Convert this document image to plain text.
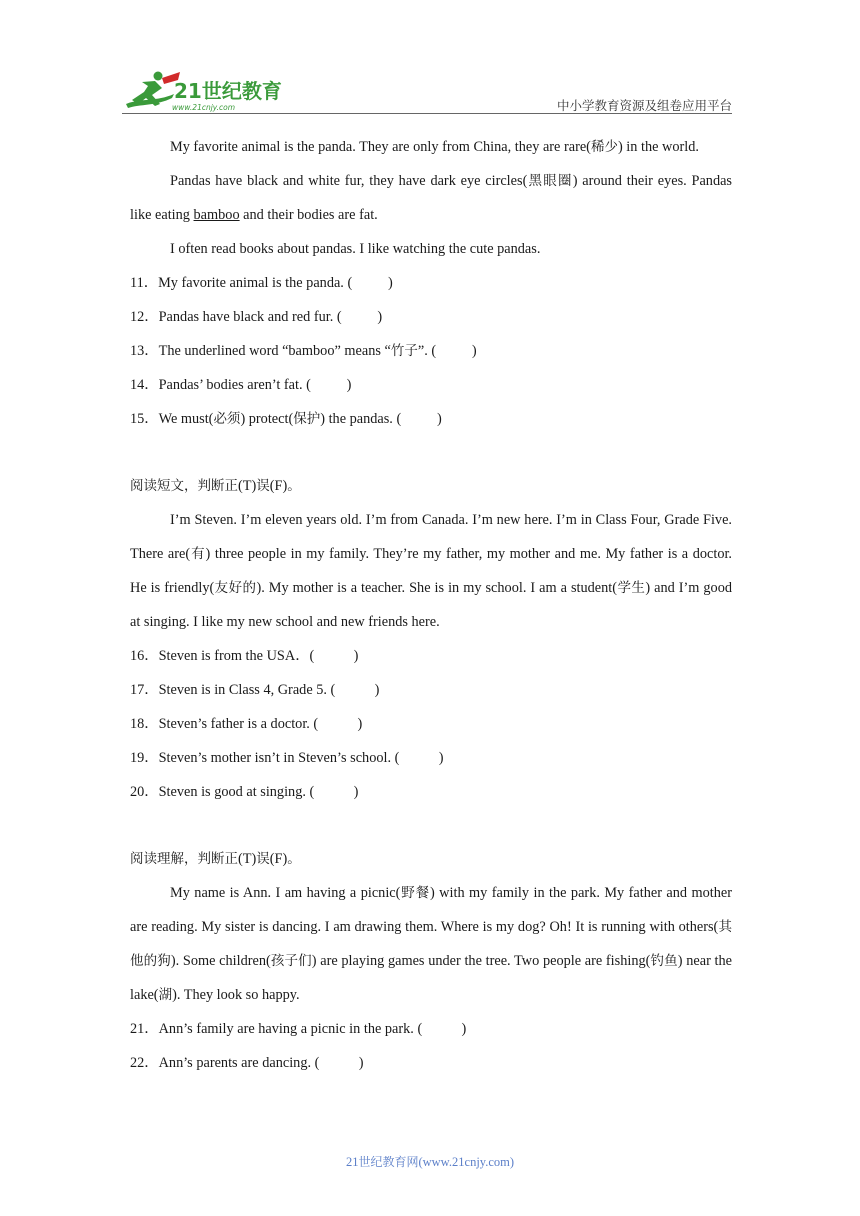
21世纪教育
www.21cnjy.com	中小学教育资源及组卷应用平台

My favorite animal is the panda. They are only from China, they are rare(稀少) in the world.

Pandas have black and white fur, they have dark eye circles(黑眼圈) around their eyes. Pandas like eating bamboo and their bodies are fat.

I often read books about pandas. I like watching the cute pandas.

11．My favorite animal is the panda. (          )

12．Pandas have black and red fur. (          )

13．The underlined word “bamboo” means “竹子”. (          )

14．Pandas’ bodies aren’t fat. (          )

15．We must(必须) protect(保护) the pandas. (          )

阅读短文，判断正(T)误(F)。

I’m Steven. I’m eleven years old. I’m from Canada. I’m new here. I’m in Class Four, Grade Five. There are(有) three people in my family. They’re my father, my mother and me. My father is a doctor. He is friendly(友好的). My mother is a teacher. She is in my school. I am a student(学生) and I’m good at singing. I like my new school and new friends here.

16．Steven is from the USA．(           )

17．Steven is in Class 4, Grade 5. (           )

18．Steven’s father is a doctor. (           )

19．Steven’s mother isn’t in Steven’s school. (           )

20．Steven is good at singing. (           )

阅读理解，判断正(T)误(F)。

My name is Ann. I am having a picnic(野餐) with my family in the park. My father and mother are reading. My sister is dancing. I am drawing them. Where is my dog? Oh! It is running with others(其他的狗). Some children(孩子们) are playing games under the tree. Two people are fishing(钓鱼) near the lake(湖). They look so happy.

21．Ann’s family are having a picnic in the park. (           )

22．Ann’s parents are dancing. (           )

21世纪教育网(www.21cnjy.com)
